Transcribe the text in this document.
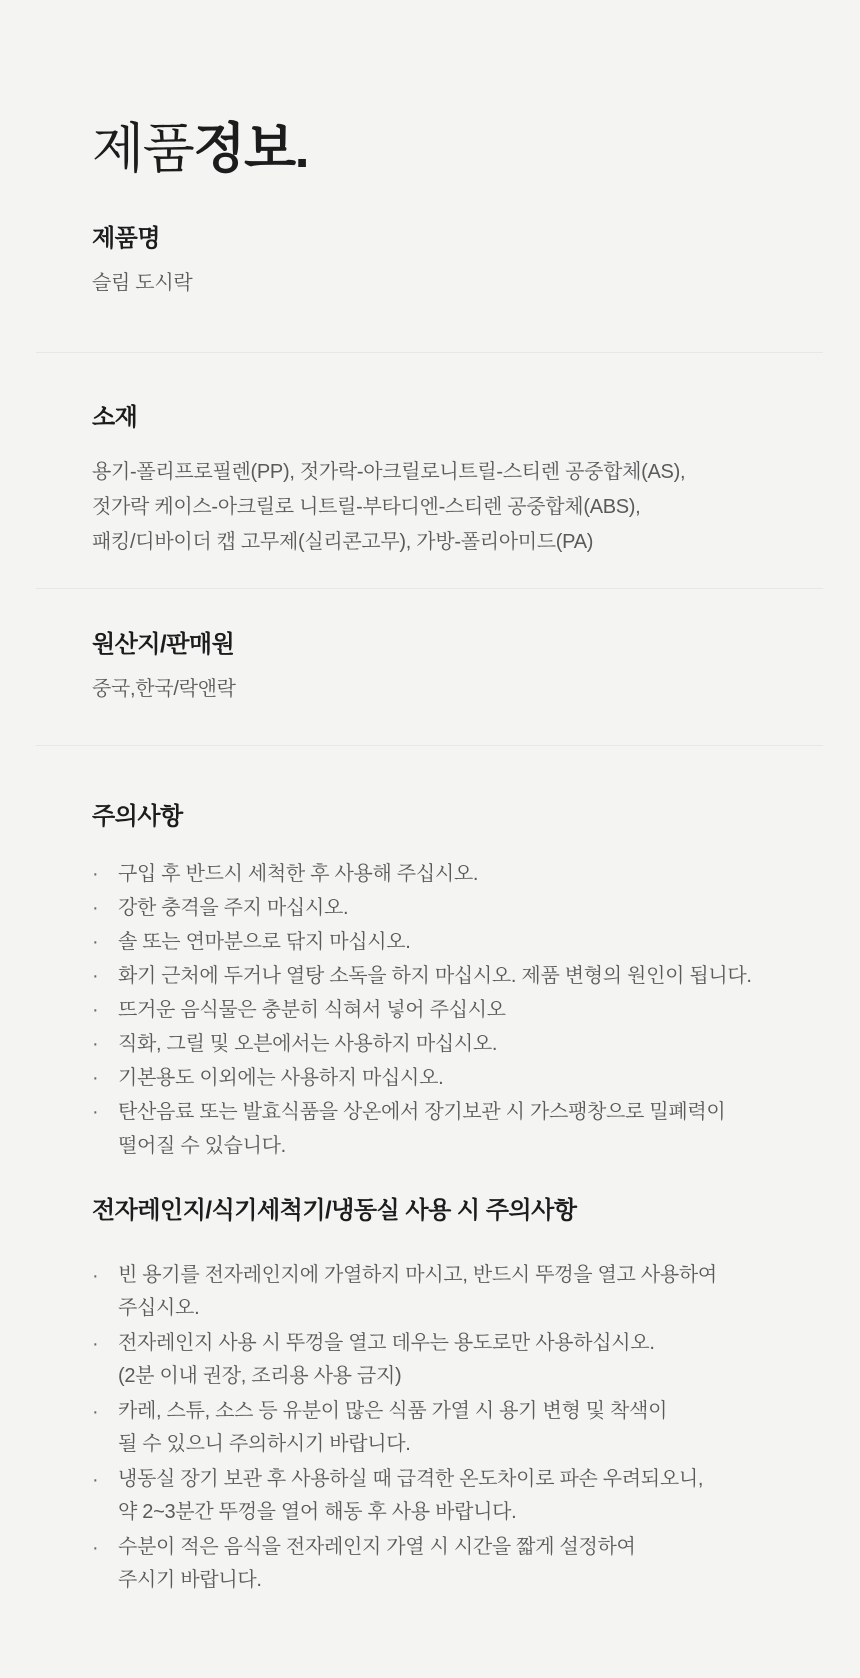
제품정보.
제품명
슬림 도시락
소재
용기-폴리프로필렌(PP), 젓가락-아크릴로니트릴-스티렌 공중합체(AS),
젓가락 케이스-아크릴로 니트릴-부타디엔-스티렌 공중합체(ABS),
패킹/디바이더 캡 고무제(실리콘고무), 가방-폴리아미드(PA)
원산지/판매원
중국,한국/락앤락
주의사항
· 구입 후 반드시 세척한 후 사용해 주십시오.
· 강한 충격을 주지 마십시오.
· 솔 또는 연마분으로 닦지 마십시오.
· 화기 근처에 두거나 열탕 소독을 하지 마십시오. 제품 변형의 원인이 됩니다.
· 뜨거운 음식물은 충분히 식혀서 넣어 주십시오
· 직화, 그릴 및 오븐에서는 사용하지 마십시오.
· 기본용도 이외에는 사용하지 마십시오.
· 탄산음료 또는 발효식품을 상온에서 장기보관 시 가스팽창으로 밀폐력이
떨어질 수 있습니다.
전자레인지/식기세척기/냉동실 사용 시 주의사항
· 빈 용기를 전자레인지에 가열하지 마시고, 반드시 뚜껑을 열고 사용하여
주십시오.
· 전자레인지 사용 시 뚜껑을 열고 데우는 용도로만 사용하십시오.
(2분 이내 권장, 조리용 사용 금지)
· 카레, 스튜, 소스 등 유분이 많은 식품 가열 시 용기 변형 및 착색이
될 수 있으니 주의하시기 바랍니다.
· 냉동실 장기 보관 후 사용하실 때 급격한 온도차이로 파손 우려되오니,
약 2~3분간 뚜껑을 열어 해동 후 사용 바랍니다.
· 수분이 적은 음식을 전자레인지 가열 시 시간을 짧게 설정하여
주시기 바랍니다.
